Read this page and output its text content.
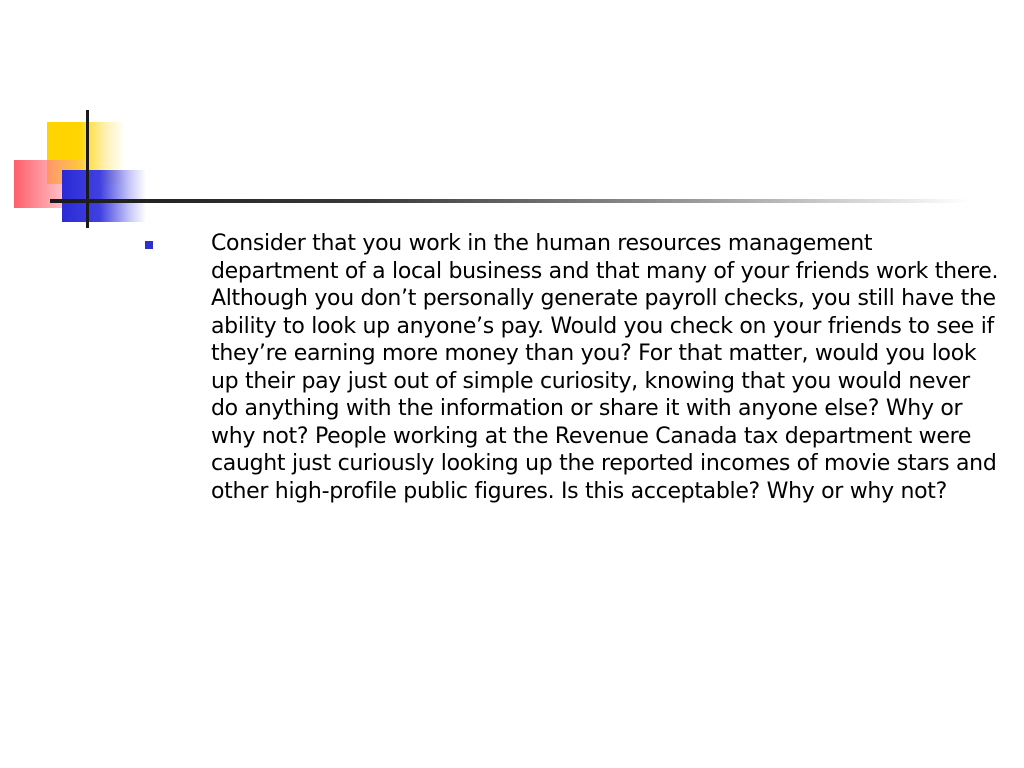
Consider that you work in the human resources management department of a local business and that many of your friends work there. Although you don’t personally generate payroll checks, you still have the ability to look up anyone’s pay. Would you check on your friends to see if they’re earning more money than you? For that matter, would you look up their pay just out of simple curiosity, knowing that you would never do anything with the information or share it with anyone else? Why or why not? People working at the Revenue Canada tax department were caught just curiously looking up the reported incomes of movie stars and other high-profile public figures. Is this acceptable? Why or why not?
